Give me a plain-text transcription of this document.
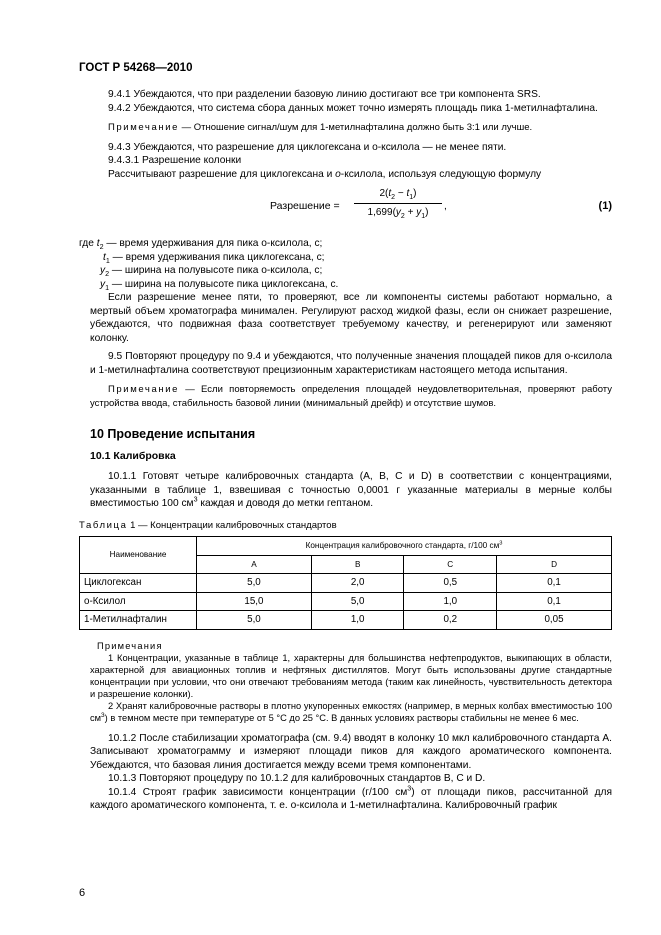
ГОСТ Р 54268—2010

9.4.1 Убеждаются, что при разделении базовую линию достигают все три компонента SRS.

9.4.2 Убеждаются, что система сбора данных может точно измерять площадь пика 1-метилнафталина.

Примечание — Отношение сигнал/шум для 1-метилнафталина должно быть 3:1 или лучше.

9.4.3 Убеждаются, что разрешение для циклогексана и о-ксилола — не менее пяти.

9.4.3.1 Разрешение колонки

Рассчитывают разрешение для циклогексана и о-ксилола, используя следующую формулу

Разрешение = $\frac{2(t_2 - t_1)}{1,699(y_2 + y_1)}$ ,	(1)
где $t_2$ — время удерживания для пика о-ксилола, с;
$t_1$ — время удерживания пика циклогексана, с;
$y_2$ — ширина на полувысоте пика о-ксилола, с;
$y_1$ — ширина на полувысоте пика циклогексана, с.

Если разрешение менее пяти, то проверяют, все ли компоненты системы работают нормально, а мертвый объем хроматографа минимален. Регулируют расход жидкой фазы, если он снижает разрешение, убеждаются, что подвижная фаза соответствует требуемому качеству, и регенерируют или заменяют колонку.

9.5 Повторяют процедуру по 9.4 и убеждаются, что полученные значения площадей пиков для о-ксилола и 1-метилнафталина соответствуют прецизионным характеристикам настоящего метода испытания.

Примечание — Если повторяемость определения площадей неудовлетворительная, проверяют работу устройства ввода, стабильность базовой линии (минимальный дрейф) и отсутствие шумов.

10 Проведение испытания
10.1 Калибровка

10.1.1 Готовят четыре калибровочных стандарта (A, B, C и D) в соответствии с концентрациями, указанными в таблице 1, взвешивая с точностью 0,0001 г указанные материалы в мерные колбы вместимостью 100 $см^3$ каждая и доводя до метки гептаном.

Таблица 1 — Концентрации калибровочных стандартов
Наименование	Концентрация калибровочного стандарта, г/100 $см^3$
	A	B	C	D
Циклогексан	5,0	2,0	0,5	0,1
о-Ксилол	15,0	5,0	1,0	0,1
1-Метилнафталин	5,0	1,0	0,2	0,05

Примечания

1 Концентрации, указанные в таблице 1, характерны для большинства нефтепродуктов, выкипающих в области, характерной для авиационных топлив и нефтяных дистиллятов. Могут быть использованы другие стандартные концентрации при условии, что они отвечают требованиям метода (таким как линейность, чувствительность детектора и разрешение колонки).

2 Хранят калибровочные растворы в плотно укупоренных емкостях (например, в мерных колбах вместимостью 100 $см^3$) в темном месте при температуре от 5 °С до 25 °С. В данных условиях растворы стабильны не менее 6 мес.

10.1.2 После стабилизации хроматографа (см. 9.4) вводят в колонку 10 мкл калибровочного стандарта А. Записывают хроматограмму и измеряют площади пиков для каждого ароматического компонента. Убеждаются, что базовая линия достигается между всеми тремя компонентами.

10.1.3 Повторяют процедуру по 10.1.2 для калибровочных стандартов B, C и D.

10.1.4 Строят график зависимости концентрации (г/100 $см^3$) от площади пиков, рассчитанной для каждого ароматического компонента, т. е. о-ксилола и 1-метилнафталина. Калибровочный график

6
